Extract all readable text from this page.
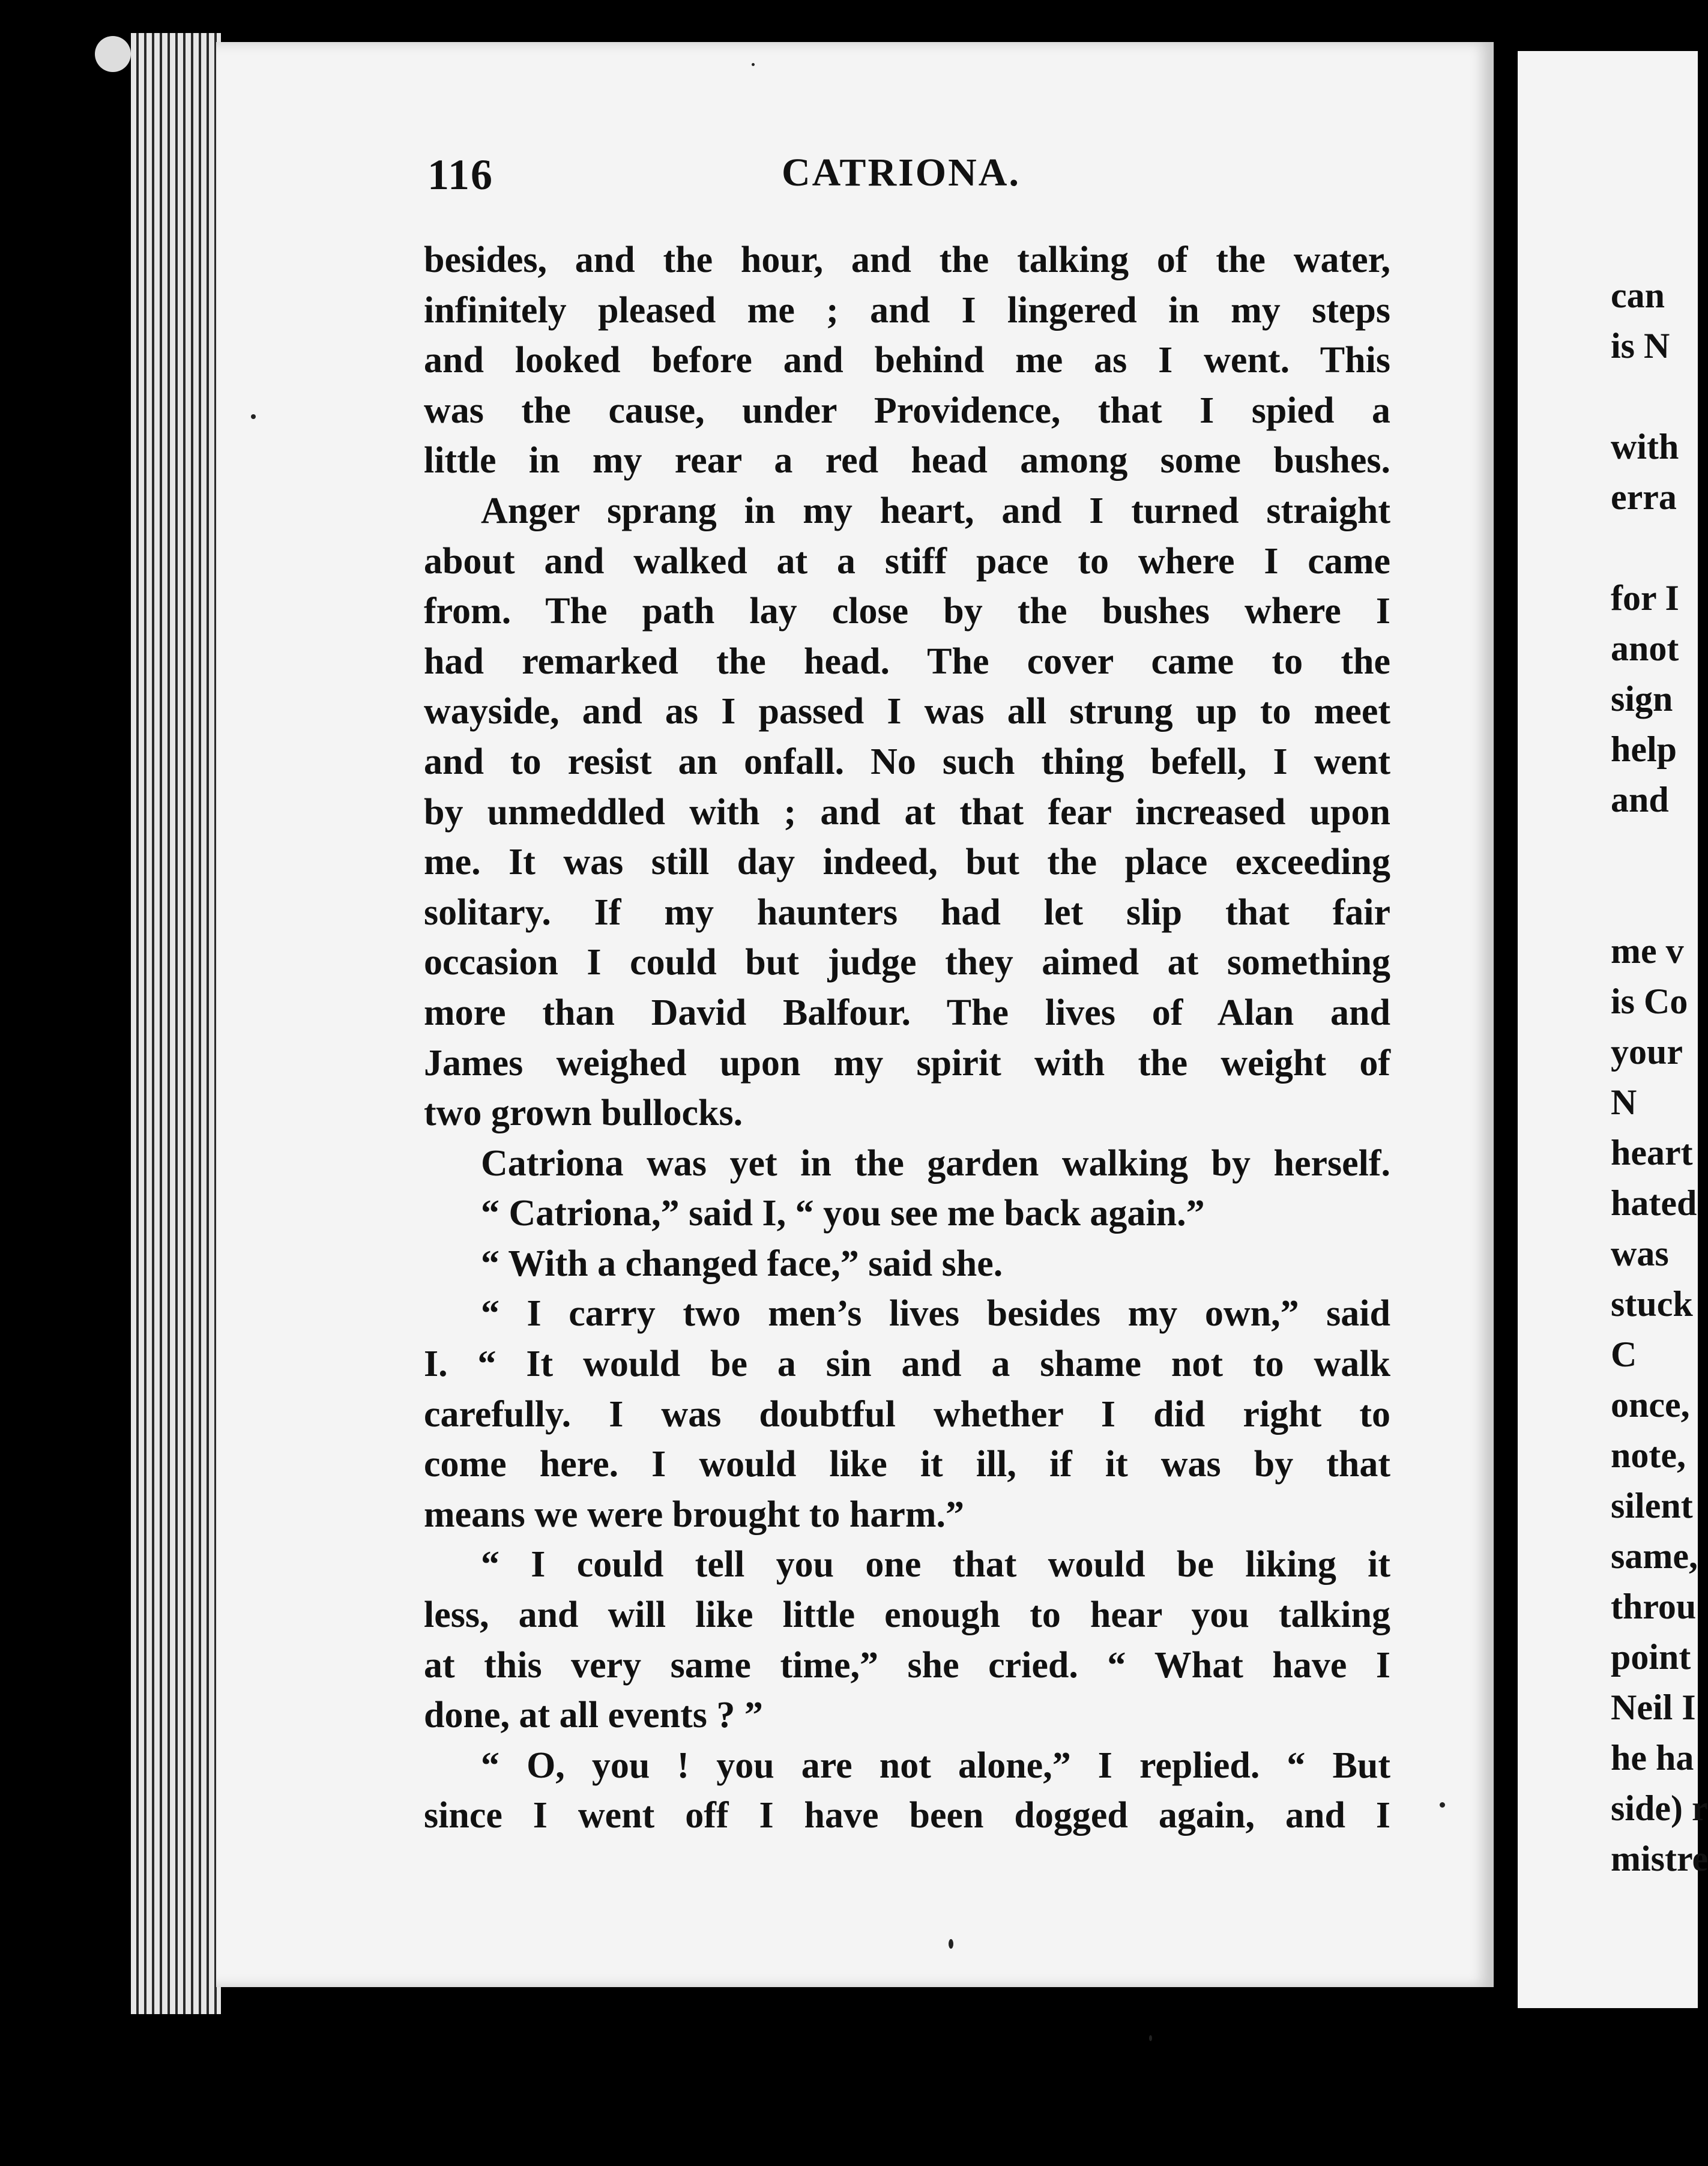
116	CATRIONA.
besides, and the hour, and the talking of the water,
infinitely pleased me ; and I lingered in my steps
and looked before and behind me as I went. This
was the cause, under Providence, that I spied a
little in my rear a red head among some bushes.
Anger sprang in my heart, and I turned straight
about and walked at a stiff pace to where I came
from. The path lay close by the bushes where I
had remarked the head. The cover came to the
wayside, and as I passed I was all strung up to meet
and to resist an onfall. No such thing befell, I went
by unmeddled with ; and at that fear increased upon
me. It was still day indeed, but the place exceeding
solitary. If my haunters had let slip that fair
occasion I could but judge they aimed at something
more than David Balfour. The lives of Alan and
James weighed upon my spirit with the weight of
two grown bullocks.
Catriona was yet in the garden walking by herself.
“ Catriona,” said I, “ you see me back again.”
“ With a changed face,” said she.
“ I carry two men’s lives besides my own,” said
I. “ It would be a sin and a shame not to walk
carefully. I was doubtful whether I did right to
come here. I would like it ill, if it was by that
means we were brought to harm.”
“ I could tell you one that would be liking it
less, and will like little enough to hear you talking
at this very same time,” she cried. “ What have I
done, at all events ? ”
“ O, you ! you are not alone,” I replied. “ But
since I went off I have been dogged again, and I
can
is N
with
erra
for I
anot
sign
help
and
me v
is Co
your
N
heart
hated
was
stuck
C
once,
note,
silent
same,
throu
point
Neil I
he ha
side) r
mistre
